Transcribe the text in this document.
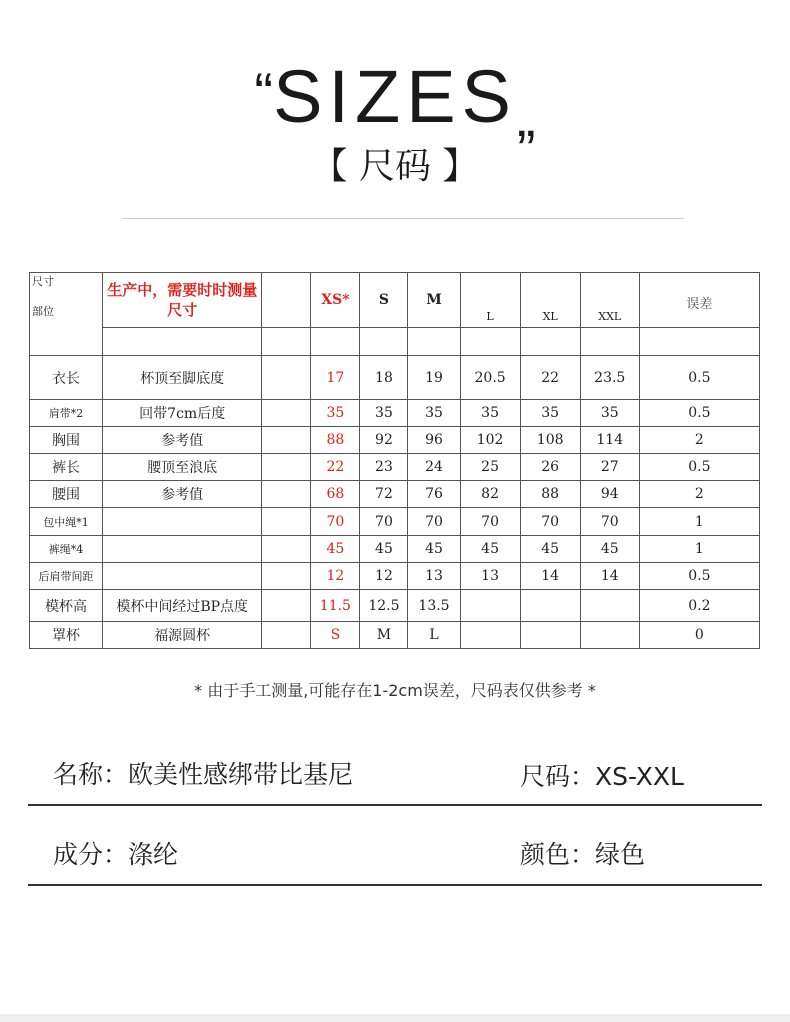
“SIZES„
【 尺码 】
尺寸
部位	生产中，需要时时测量尺寸		XS*	S	M	L	XL	XXL	误差

衣长	杯顶至脚底度		17	18	19	20.5	22	23.5	0.5
肩带*2	回带7cm后度		35	35	35	35	35	35	0.5
胸围	参考值		88	92	96	102	108	114	2
裤长	腰顶至浪底		22	23	24	25	26	27	0.5
腰围	参考值		68	72	76	82	88	94	2
包中绳*1			70	70	70	70	70	70	1
裤绳*4			45	45	45	45	45	45	1
后肩带间距			12	12	13	13	14	14	0.5
模杯高	模杯中间经过BP点度		11.5	12.5	13.5				0.2
罩杯	福源圆杯		S	M	L				0
* 由于手工测量,可能存在1-2cm误差，尺码表仅供参考 *
名称：欧美性感绑带比基尼	尺码：XS-XXL
成分：涤纶	颜色：绿色
